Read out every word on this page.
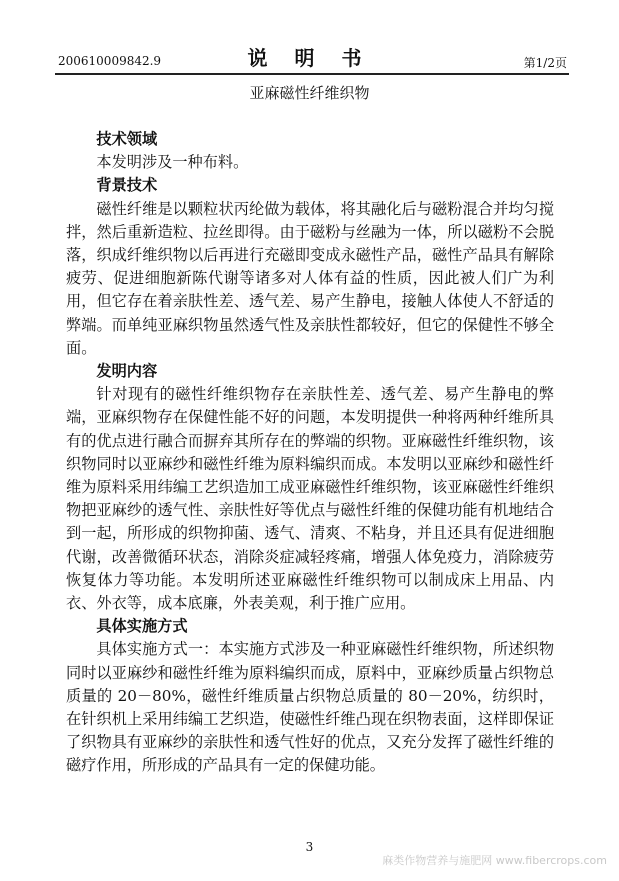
200610009842.9	说 明 书	第1/2页
亚麻磁性纤维织物
技术领域

本发明涉及一种布料。

背景技术

磁性纤维是以颗粒状丙纶做为载体，将其融化后与磁粉混合并均匀搅拌，然后重新造粒、拉丝即得。由于磁粉与丝融为一体，所以磁粉不会脱落，织成纤维织物以后再进行充磁即变成永磁性产品，磁性产品具有解除疲劳、促进细胞新陈代谢等诸多对人体有益的性质，因此被人们广为利用，但它存在着亲肤性差、透气差、易产生静电，接触人体使人不舒适的弊端。而单纯亚麻织物虽然透气性及亲肤性都较好，但它的保健性不够全面。

发明内容

针对现有的磁性纤维织物存在亲肤性差、透气差、易产生静电的弊端，亚麻织物存在保健性能不好的问题，本发明提供一种将两种纤维所具有的优点进行融合而摒弃其所存在的弊端的织物。亚麻磁性纤维织物，该织物同时以亚麻纱和磁性纤维为原料编织而成。本发明以亚麻纱和磁性纤维为原料采用纬编工艺织造加工成亚麻磁性纤维织物，该亚麻磁性纤维织物把亚麻纱的透气性、亲肤性好等优点与磁性纤维的保健功能有机地结合到一起，所形成的织物抑菌、透气、清爽、不粘身，并且还具有促进细胞代谢，改善微循环状态，消除炎症减轻疼痛，增强人体免疫力，消除疲劳恢复体力等功能。本发明所述亚麻磁性纤维织物可以制成床上用品、内衣、外衣等，成本底廉，外表美观，利于推广应用。

具体实施方式

具体实施方式一：本实施方式涉及一种亚麻磁性纤维织物，所述织物同时以亚麻纱和磁性纤维为原料编织而成，原料中，亚麻纱质量占织物总质量的 20－80%，磁性纤维质量占织物总质量的 80－20%，纺织时，在针织机上采用纬编工艺织造，使磁性纤维凸现在织物表面，这样即保证了织物具有亚麻纱的亲肤性和透气性好的优点，又充分发挥了磁性纤维的磁疗作用，所形成的产品具有一定的保健功能。

3
麻类作物营养与施肥网 www.fibercrops.com
